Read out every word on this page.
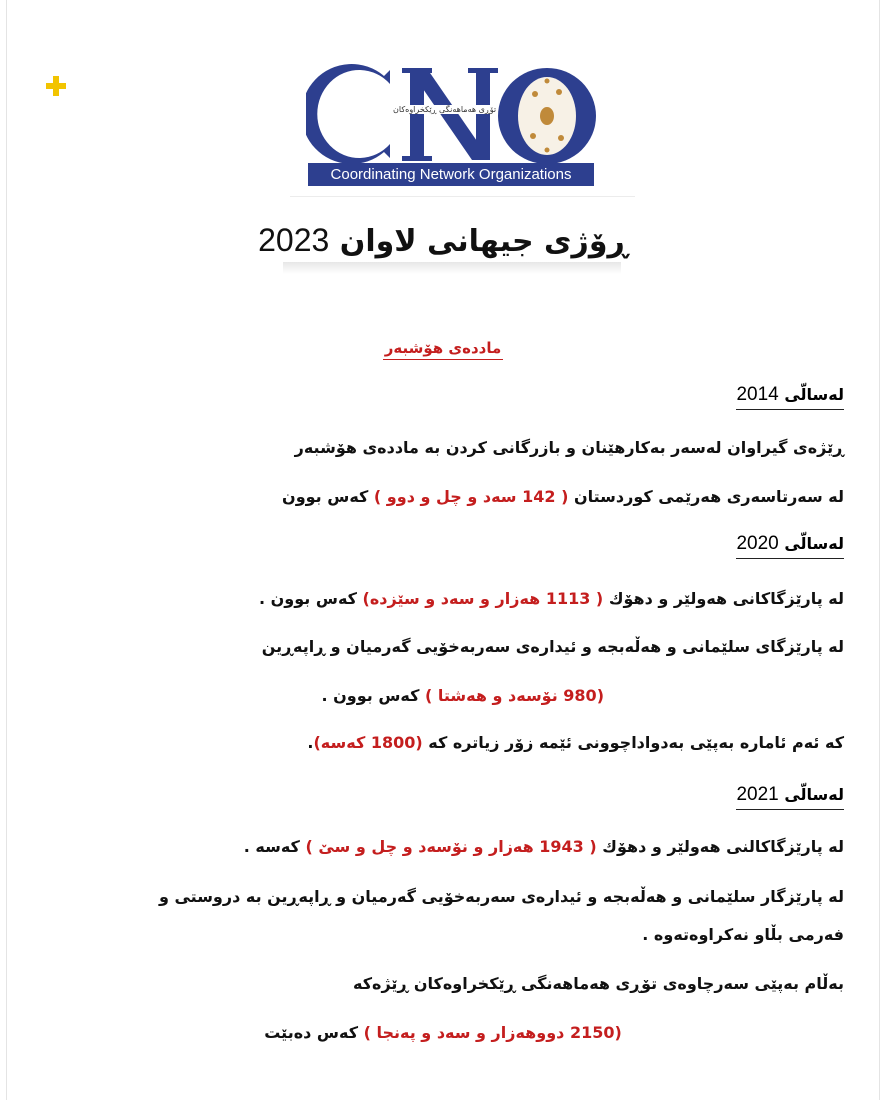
تۆڕی هەماهەنگی ڕێکخراوەکان
Coordinating Network Organizations
ڕۆژی جیهانی لاوان 2023
ماددەی هۆشبەر
لەسالّی 2014
ڕێژەی گیراوان لەسەر بەکارهێنان و بازرگانی کردن بە ماددەی هۆشبەر
لە سەرتاسەری هەرێمی کوردستان ( 142 سەد و چل و دوو ) کەس بوون
لەسالّی 2020
لە پارێزگاکانی هەولێر و دهۆك ( 1113 هەزار و سەد و سێزدە) کەس بوون .
لە پارێزگای سلێمانی و هەڵەبجە و ئیدارەی سەربەخۆیی گەرمیان و ڕاپەڕین
(980 نۆسەد و هەشتا ) کەس بوون .
کە ئەم ئامارە بەپێی بەدواداچوونی ئێمە زۆر زیاترە کە (1800 کەسە).
لەسالّی 2021
لە پارێزگاکالنی هەولێر و دهۆك ( 1943 هەزار و نۆسەد و چل و سێ ) کەسە .
لە پارێزگار سلێمانی و هەڵەبجە و ئیدارەی سەربەخۆیی گەرمیان و ڕاپەڕین بە دروستی و
فەرمی بڵاو نەکراوەتەوە .
بەڵام بەپێی سەرچاوەی تۆڕی هەماهەنگی ڕێکخراوەکان ڕێژەکە
(2150 دووهەزار و سەد و پەنجا ) کەس دەبێت
